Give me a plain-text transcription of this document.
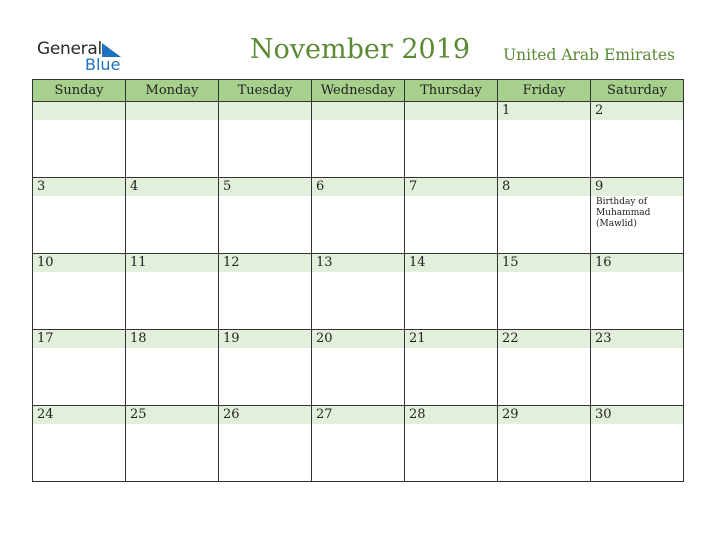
General
Blue	November 2019	United Arab Emirates
Sunday	Monday	Tuesday	Wednesday	Thursday	Friday	Saturday

					1	2

3	4	5	6	7	8	9
Birthday of
Muhammad
(Mawlid)

10	11	12	13	14	15	16

17	18	19	20	21	22	23

24	25	26	27	28	29	30
